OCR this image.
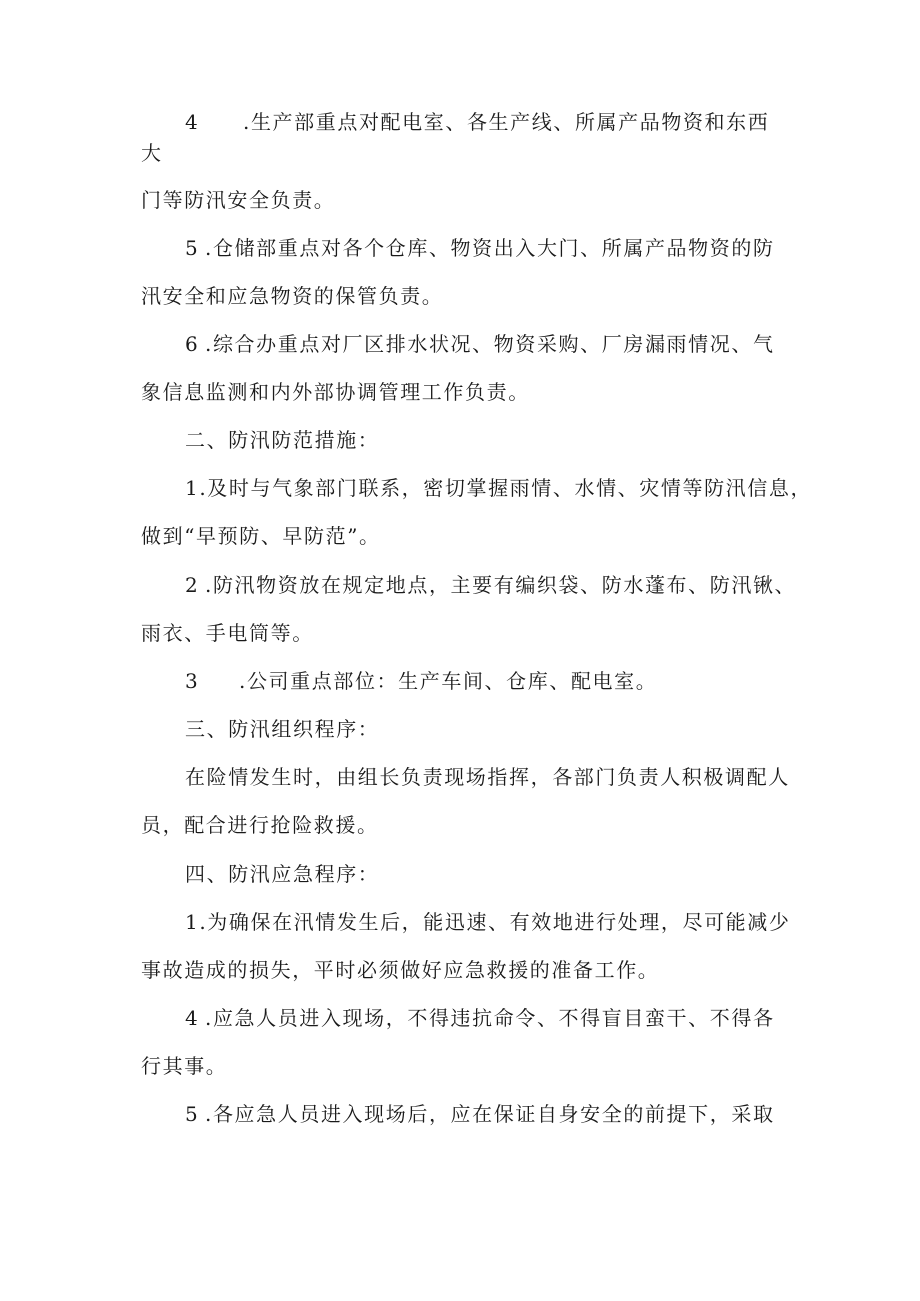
4 .生产部重点对配电室、各生产线、所属产品物资和东西
大
门等防汛安全负责。
5 .仓储部重点对各个仓库、物资出入大门、所属产品物资的防
汛安全和应急物资的保管负责。
6 .综合办重点对厂区排水状况、物资采购、厂房漏雨情况、气
象信息监测和内外部协调管理工作负责。
二、防汛防范措施：
1.及时与气象部门联系，密切掌握雨情、水情、灾情等防汛信息，
做到“早预防、早防范”。
2 .防汛物资放在规定地点，主要有编织袋、防水蓬布、防汛锹、
雨衣、手电筒等。
3 .公司重点部位：生产车间、仓库、配电室。
三、防汛组织程序：
在险情发生时，由组长负责现场指挥，各部门负责人积极调配人
员，配合进行抢险救援。
四、防汛应急程序：
1.为确保在汛情发生后，能迅速、有效地进行处理，尽可能减少
事故造成的损失，平时必须做好应急救援的准备工作。
4 .应急人员进入现场，不得违抗命令、不得盲目蛮干、不得各
行其事。
5 .各应急人员进入现场后，应在保证自身安全的前提下，采取
